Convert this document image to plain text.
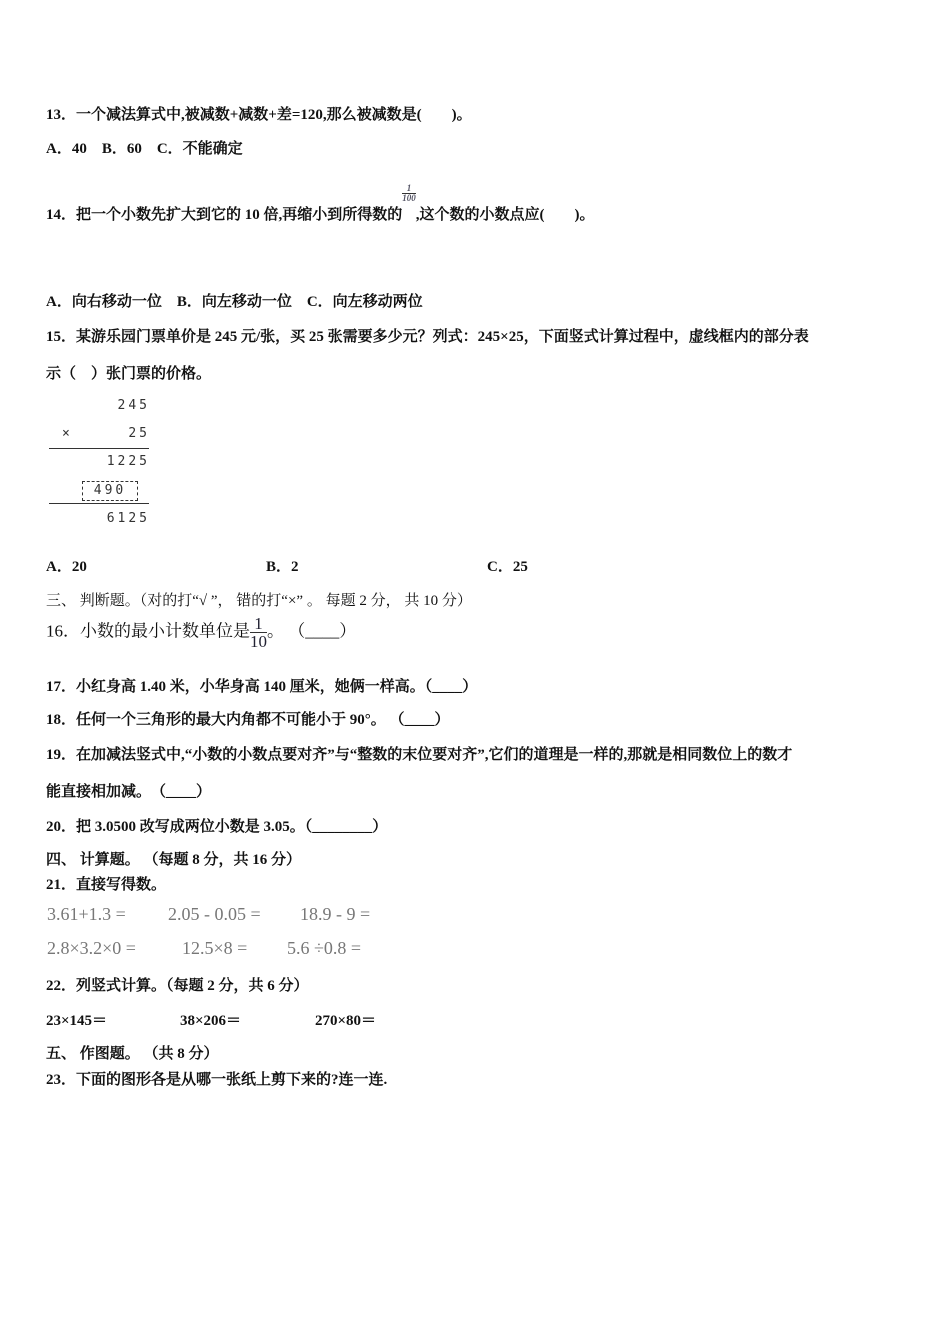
13．一个减法算式中,被减数+减数+差=120,那么被减数是(　　)。
A．40　B．60　C．不能确定
14．把一个小数先扩大到它的 10 倍,再缩小到所得数的
$\frac{1}{100}$
,这个数的小数点应(　　)。
A．向右移动一位　B．向左移动一位　C．向左移动两位
15．某游乐园门票单价是 245 元/张，买 25 张需要多少元？列式：245×25，下面竖式计算过程中，虚线框内的部分表
示（　）张门票的价格。
245
×	25
1225
490
6125
A．20	B．2	C．25
三、 判断题。（对的打“√ ”， 错的打“×” 。 每题 2 分， 共 10 分）
16．小数的最小计数单位是 $\frac{1}{10}$ 。 （____）
17．小红身高 1.40 米，小华身高 140 厘米，她俩一样高。（____）
18．任何一个三角形的最大内角都不可能小于 90°。 （____）
19．在加减法竖式中,“小数的小数点要对齐”与“整数的末位要对齐”,它们的道理是一样的,那就是相同数位上的数才
能直接相加减。　（____）
20．把 3.0500 改写成两位小数是 3.05。（________）
四、 计算题。 （每题 8 分，共 16 分）
21．直接写得数。
3.61+1.3 = 2.05 - 0.05 = 18.9 - 9 =
2.8×3.2×0 =	12.5×8 = 5.6 ÷0.8 =
22．列竖式计算。（每题 2 分，共 6 分）
23×145＝	38×206＝	270×80＝
五、 作图题。 （共 8 分）
23．下面的图形各是从哪一张纸上剪下来的?连一连.
